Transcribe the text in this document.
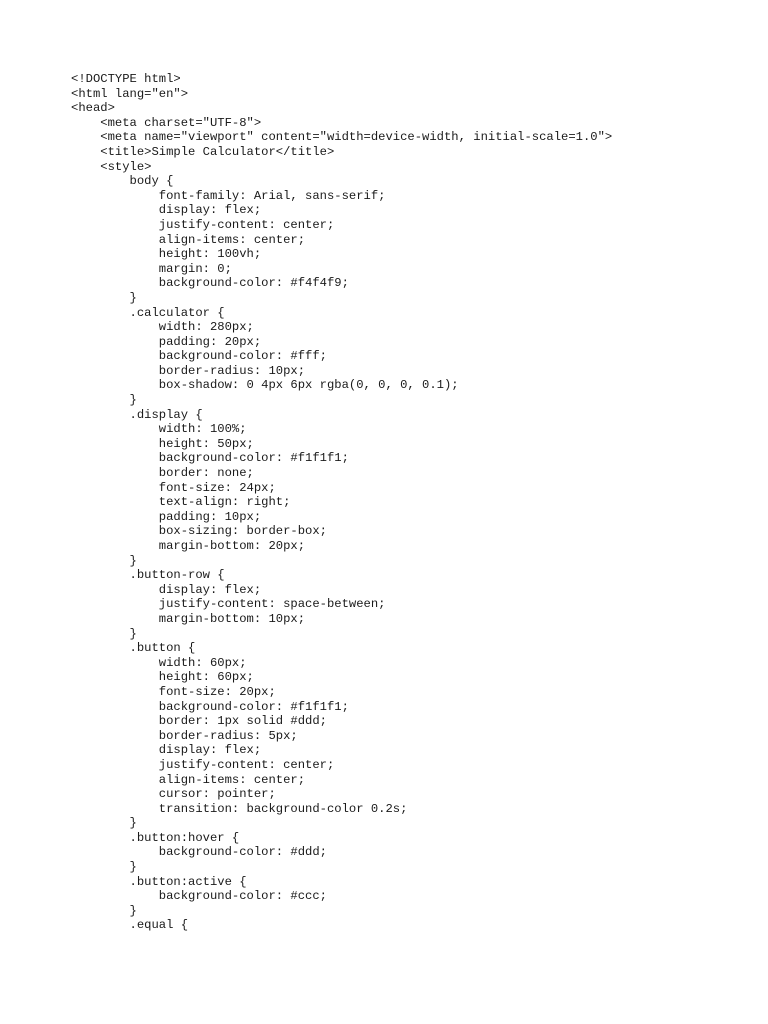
<!DOCTYPE html>
<html lang="en">
<head>
<meta charset="UTF-8">
<meta name="viewport" content="width=device-width, initial-scale=1.0">
<title>Simple Calculator</title>
<style>
body {
font-family: Arial, sans-serif;
display: flex;
justify-content: center;
align-items: center;
height: 100vh;
margin: 0;
background-color: #f4f4f9;
}
.calculator {
width: 280px;
padding: 20px;
background-color: #fff;
border-radius: 10px;
box-shadow: 0 4px 6px rgba(0, 0, 0, 0.1);
}
.display {
width: 100%;
height: 50px;
background-color: #f1f1f1;
border: none;
font-size: 24px;
text-align: right;
padding: 10px;
box-sizing: border-box;
margin-bottom: 20px;
}
.button-row {
display: flex;
justify-content: space-between;
margin-bottom: 10px;
}
.button {
width: 60px;
height: 60px;
font-size: 20px;
background-color: #f1f1f1;
border: 1px solid #ddd;
border-radius: 5px;
display: flex;
justify-content: center;
align-items: center;
cursor: pointer;
transition: background-color 0.2s;
}
.button:hover {
background-color: #ddd;
}
.button:active {
background-color: #ccc;
}
.equal {
